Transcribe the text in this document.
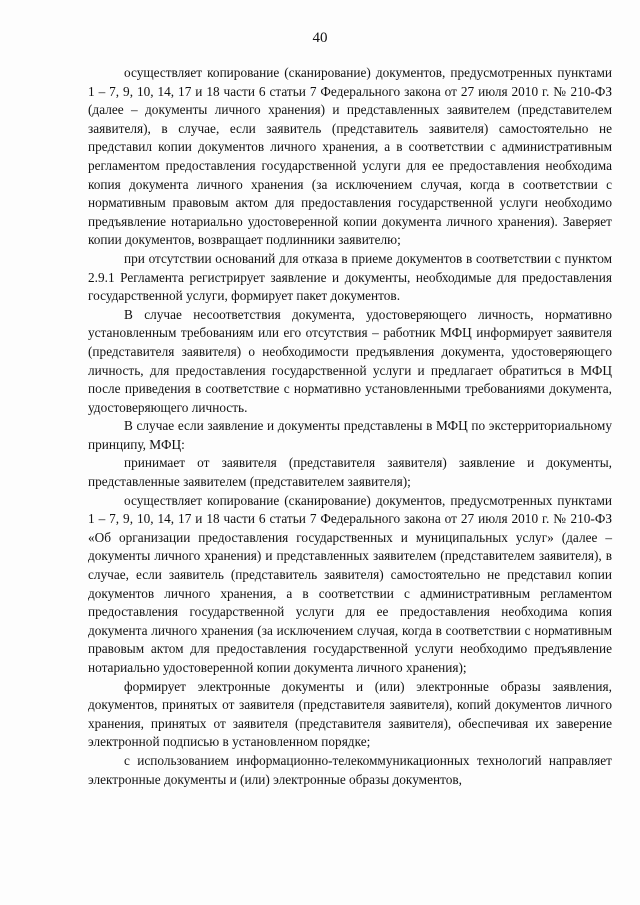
40

осуществляет копирование (сканирование) документов, предусмотренных пунктами 1 – 7, 9, 10, 14, 17 и 18 части 6 статьи 7 Федерального закона от 27 июля 2010 г. № 210-ФЗ (далее – документы личного хранения) и представленных заявителем (представителем заявителя), в случае, если заявитель (представитель заявителя) самостоятельно не представил копии документов личного хранения, а в соответствии с административным регламентом предоставления государственной услуги для ее предоставления необходима копия документа личного хранения (за исключением случая, когда в соответствии с нормативным правовым актом для предоставления государственной услуги необходимо предъявление нотариально удостоверенной копии документа личного хранения). Заверяет копии документов, возвращает подлинники заявителю;

при отсутствии оснований для отказа в приеме документов в соответствии с пунктом 2.9.1 Регламента регистрирует заявление и документы, необходимые для предоставления государственной услуги, формирует пакет документов.

В случае несоответствия документа, удостоверяющего личность, нормативно установленным требованиям или его отсутствия – работник МФЦ информирует заявителя (представителя заявителя) о необходимости предъявления документа, удостоверяющего личность, для предоставления государственной услуги и предлагает обратиться в МФЦ после приведения в соответствие с нормативно установленными требованиями документа, удостоверяющего личность.

В случае если заявление и документы представлены в МФЦ по экстерриториальному принципу, МФЦ:

принимает от заявителя (представителя заявителя) заявление и документы, представленные заявителем (представителем заявителя);

осуществляет копирование (сканирование) документов, предусмотренных пунктами 1 – 7, 9, 10, 14, 17 и 18 части 6 статьи 7 Федерального закона от 27 июля 2010 г. № 210-ФЗ «Об организации предоставления государственных и муниципальных услуг» (далее – документы личного хранения) и представленных заявителем (представителем заявителя), в случае, если заявитель (представитель заявителя) самостоятельно не представил копии документов личного хранения, а в соответствии с административным регламентом предоставления государственной услуги для ее предоставления необходима копия документа личного хранения (за исключением случая, когда в соответствии с нормативным правовым актом для предоставления государственной услуги необходимо предъявление нотариально удостоверенной копии документа личного хранения);

формирует электронные документы и (или) электронные образы заявления, документов, принятых от заявителя (представителя заявителя), копий документов личного хранения, принятых от заявителя (представителя заявителя), обеспечивая их заверение электронной подписью в установленном порядке;

с использованием информационно-телекоммуникационных технологий направляет электронные документы и (или) электронные образы документов,
